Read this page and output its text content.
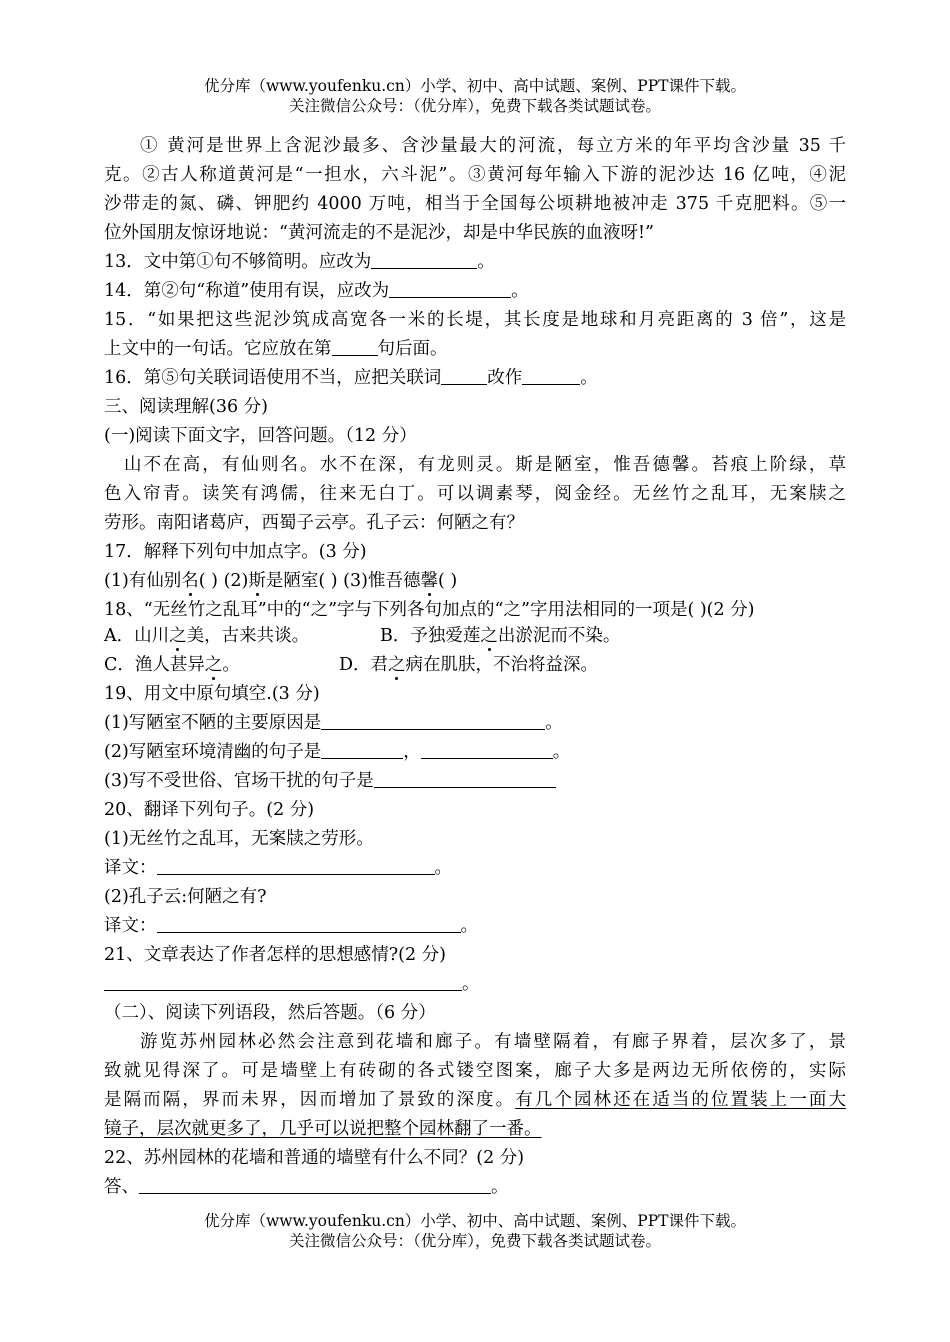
优分库（www.youfenku.cn）小学、初中、高中试题、案例、PPT课件下载。
关注微信公众号：（优分库），免费下载各类试题试卷。
① 黄河是世界上含泥沙最多、含沙量最大的河流，每立方米的年平均含沙量 35 千
克。②古人称道黄河是“一担水，六斗泥”。③黄河每年输入下游的泥沙达 16 亿吨，④泥
沙带走的氮、磷、钾肥约 4000 万吨，相当于全国每公顷耕地被冲走 375 千克肥料。⑤一
位外国朋友惊讶地说：“黄河流走的不是泥沙，却是中华民族的血液呀!”
13．文中第①句不够简明。应改为	。
14．第②句“称道”使用有误，应改为	。
15．“如果把这些泥沙筑成高宽各一米的长堤，其长度是地球和月亮距离的 3 倍”，这是
上文中的一句话。它应放在第	句后面。
16．第⑤句关联词语使用不当，应把关联词	改作	。
三、阅读理解(36 分)
(一)阅读下面文字，回答问题。（12 分）
山不在高，有仙则名。水不在深，有龙则灵。斯是陋室，惟吾德馨。苔痕上阶绿，草
色入帘青。读笑有鸿儒，往来无白丁。可以调素琴，阅金经。无丝竹之乱耳，无案牍之
劳形。南阳诸葛庐，西蜀子云亭。孔子云：何陋之有？
17．解释下列句中加点字。(3 分)
(1)有仙别名( ) (2)斯是陋室( ) (3)惟吾德馨( )
18、“无丝竹之乱耳”中的“之”字与下列各句加点的“之”字用法相同的一项是( )(2 分)
A．山川之美，古来共谈。	B．予独爱莲之出淤泥而不染。
C．渔人甚异之。	D．君之病在肌肤，不治将益深。
19、用文中原句填空.(3 分)
(1)写陋室不陋的主要原因是	。
(2)写陋室环境清幽的句子是	，	。
(3)写不受世俗、官场干扰的句子是
20、翻译下列句子。(2 分)
(1)无丝竹之乱耳，无案牍之劳形。
译文：	。
(2)孔子云:何陋之有?
译文：	。
21、文章表达了作者怎样的思想感情?(2 分)
。
（二）、阅读下列语段，然后答题。（6 分）
游览苏州园林必然会注意到花墙和廊子。有墙壁隔着，有廊子界着，层次多了，景
致就见得深了。可是墙壁上有砖砌的各式镂空图案，廊子大多是两边无所依傍的，实际
是隔而隔，界而未界，因而增加了景致的深度。有几个园林还在适当的位置装上一面大
镜子，层次就更多了，几乎可以说把整个园林翻了一番。
22、苏州园林的花墙和普通的墙壁有什么不同？(2 分)
答、	。
优分库（www.youfenku.cn）小学、初中、高中试题、案例、PPT课件下载。
关注微信公众号：（优分库），免费下载各类试题试卷。
